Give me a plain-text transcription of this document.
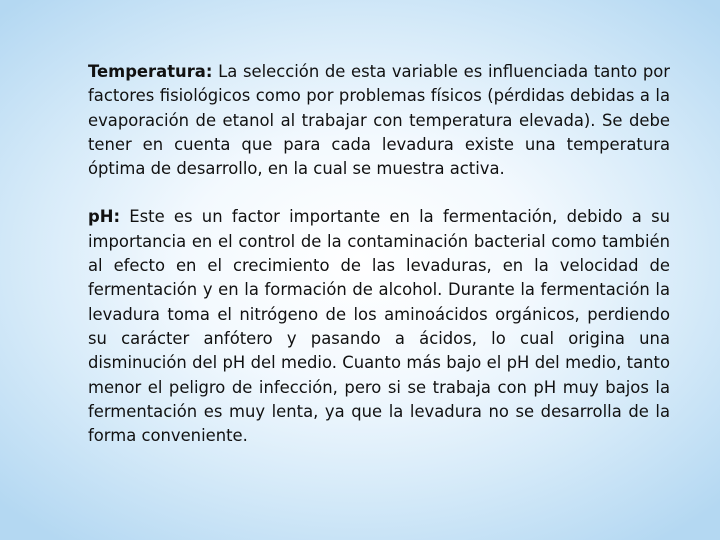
Temperatura: La selección de esta variable es influenciada tanto por factores fisiológicos como por problemas físicos (pérdidas debidas a la evaporación de etanol al trabajar con temperatura elevada). Se debe tener en cuenta que para cada levadura existe una temperatura óptima de desarrollo, en la cual se muestra activa.

pH: Este es un factor importante en la fermentación, debido a su importancia en el control de la contaminación bacterial como también al efecto en el crecimiento de las levaduras, en la velocidad de fermentación y en la formación de alcohol. Durante la fermentación la levadura toma el nitrógeno de los aminoácidos orgánicos, perdiendo su carácter anfótero y pasando a ácidos, lo cual origina una disminución del pH del medio. Cuanto más bajo el pH del medio, tanto menor el peligro de infección, pero si se trabaja con pH muy bajos la fermentación es muy lenta, ya que la levadura no se desarrolla de la forma conveniente.
